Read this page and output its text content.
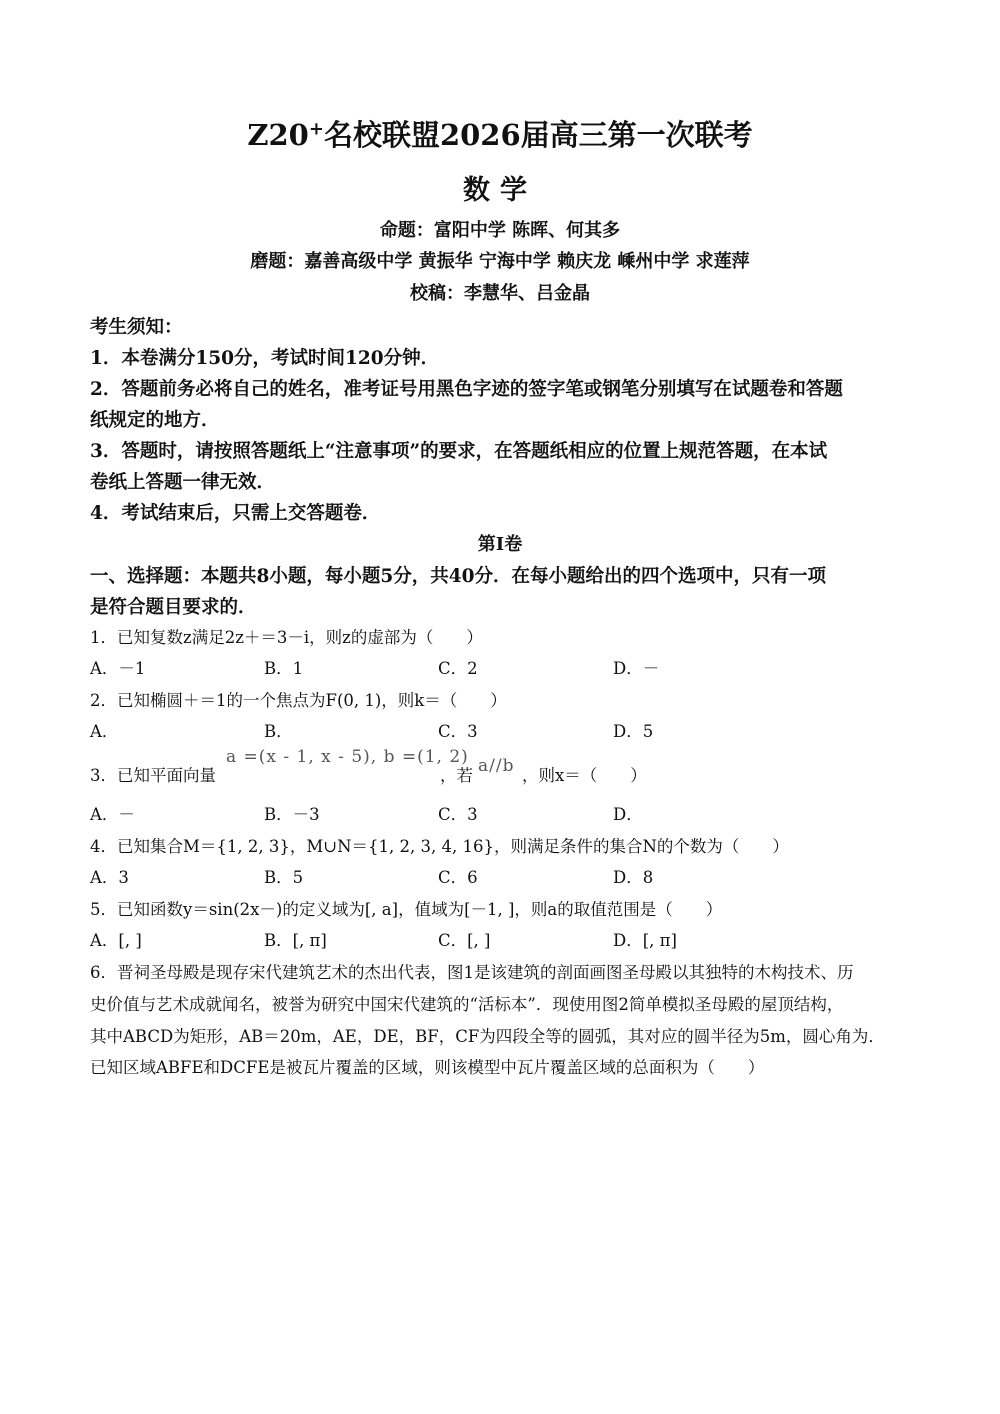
Z20+名校联盟2026届高三第一次联考
数学
命题：富阳中学 陈晖、何其多
磨题：嘉善高级中学 黄振华 宁海中学 赖庆龙 嵊州中学 求莲萍
校稿：李慧华、吕金晶
考生须知：
1．本卷满分150分，考试时间120分钟．
2．答题前务必将自己的姓名，准考证号用黑色字迹的签字笔或钢笔分别填写在试题卷和答题
纸规定的地方．
3．答题时，请按照答题纸上“注意事项”的要求，在答题纸相应的位置上规范答题，在本试
卷纸上答题一律无效．
4．考试结束后，只需上交答题卷．
第Ⅰ卷
一、选择题：本题共8小题，每小题5分，共40分．在每小题给出的四个选项中，只有一项
是符合题目要求的．
1．已知复数z满足2z＋＝3－i，则z的虚部为（　　）
A．－1	B．1	C．2	D．－
2．已知椭圆＋＝1的一个焦点为F(0, 1)，则k＝（　　）
A．	B．	C．3	D．5
3．已知平面向量
a =(x - 1, x - 5), b =(1, 2)
，若 a//b ，则x＝（　　）
A．－	B．－3	C．3	D．
4．已知集合M＝{1, 2, 3}，M∪N＝{1, 2, 3, 4, 16}，则满足条件的集合N的个数为（　　）
A．3	B．5	C．6	D．8
5．已知函数y＝sin(2x－)的定义域为[, a]，值域为[－1, ]，则a的取值范围是（　　）
A．[, ]	B．[, π]	C．[, ]	D．[, π]
6．晋祠圣母殿是现存宋代建筑艺术的杰出代表，图1是该建筑的剖面画图圣母殿以其独特的木构技术、历
史价值与艺术成就闻名，被誉为研究中国宋代建筑的“活标本”．现使用图2简单模拟圣母殿的屋顶结构，
其中ABCD为矩形，AB＝20m，AE，DE，BF，CF为四段全等的圆弧，其对应的圆半径为5m，圆心角为．
已知区域ABFE和DCFE是被瓦片覆盖的区域，则该模型中瓦片覆盖区域的总面积为（　　）
